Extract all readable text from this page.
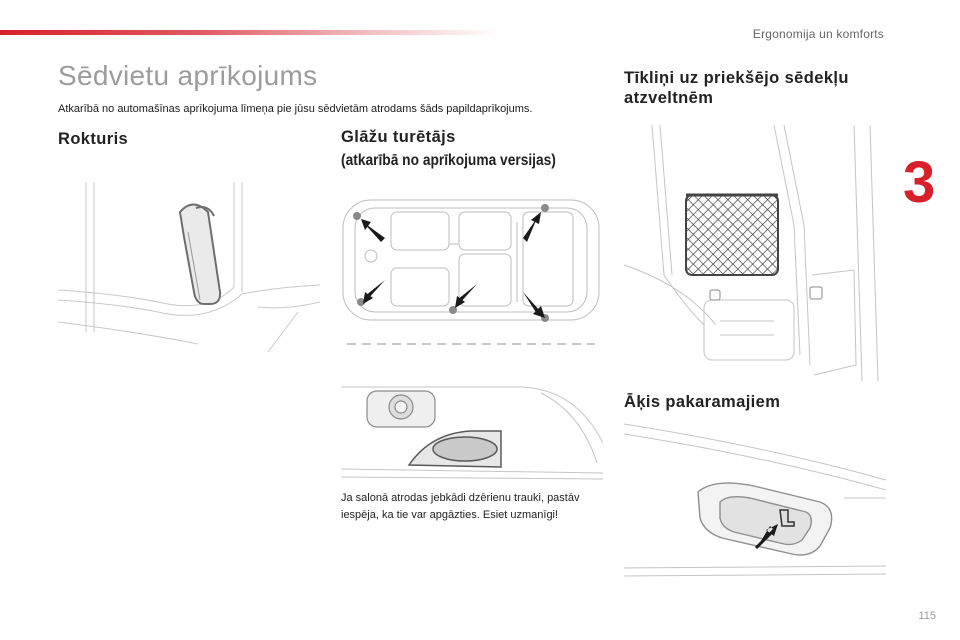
Ergonomija un komforts
3
Sēdvietu aprīkojums
Atkarībā no automašīnas aprīkojuma līmeņa pie jūsu sēdvietām atrodams šāds papildaprīkojums.
Rokturis	Glāžu turētājs
(atkarībā no aprīkojuma versijas)
Tīkliņi uz priekšējo sēdekļu atzveltnēm
Āķis pakaramajiem
Ja salonā atrodas jebkādi dzērienu trauki, pastāv iespēja, ka tie var apgāzties. Esiet uzmanīgi!
115
